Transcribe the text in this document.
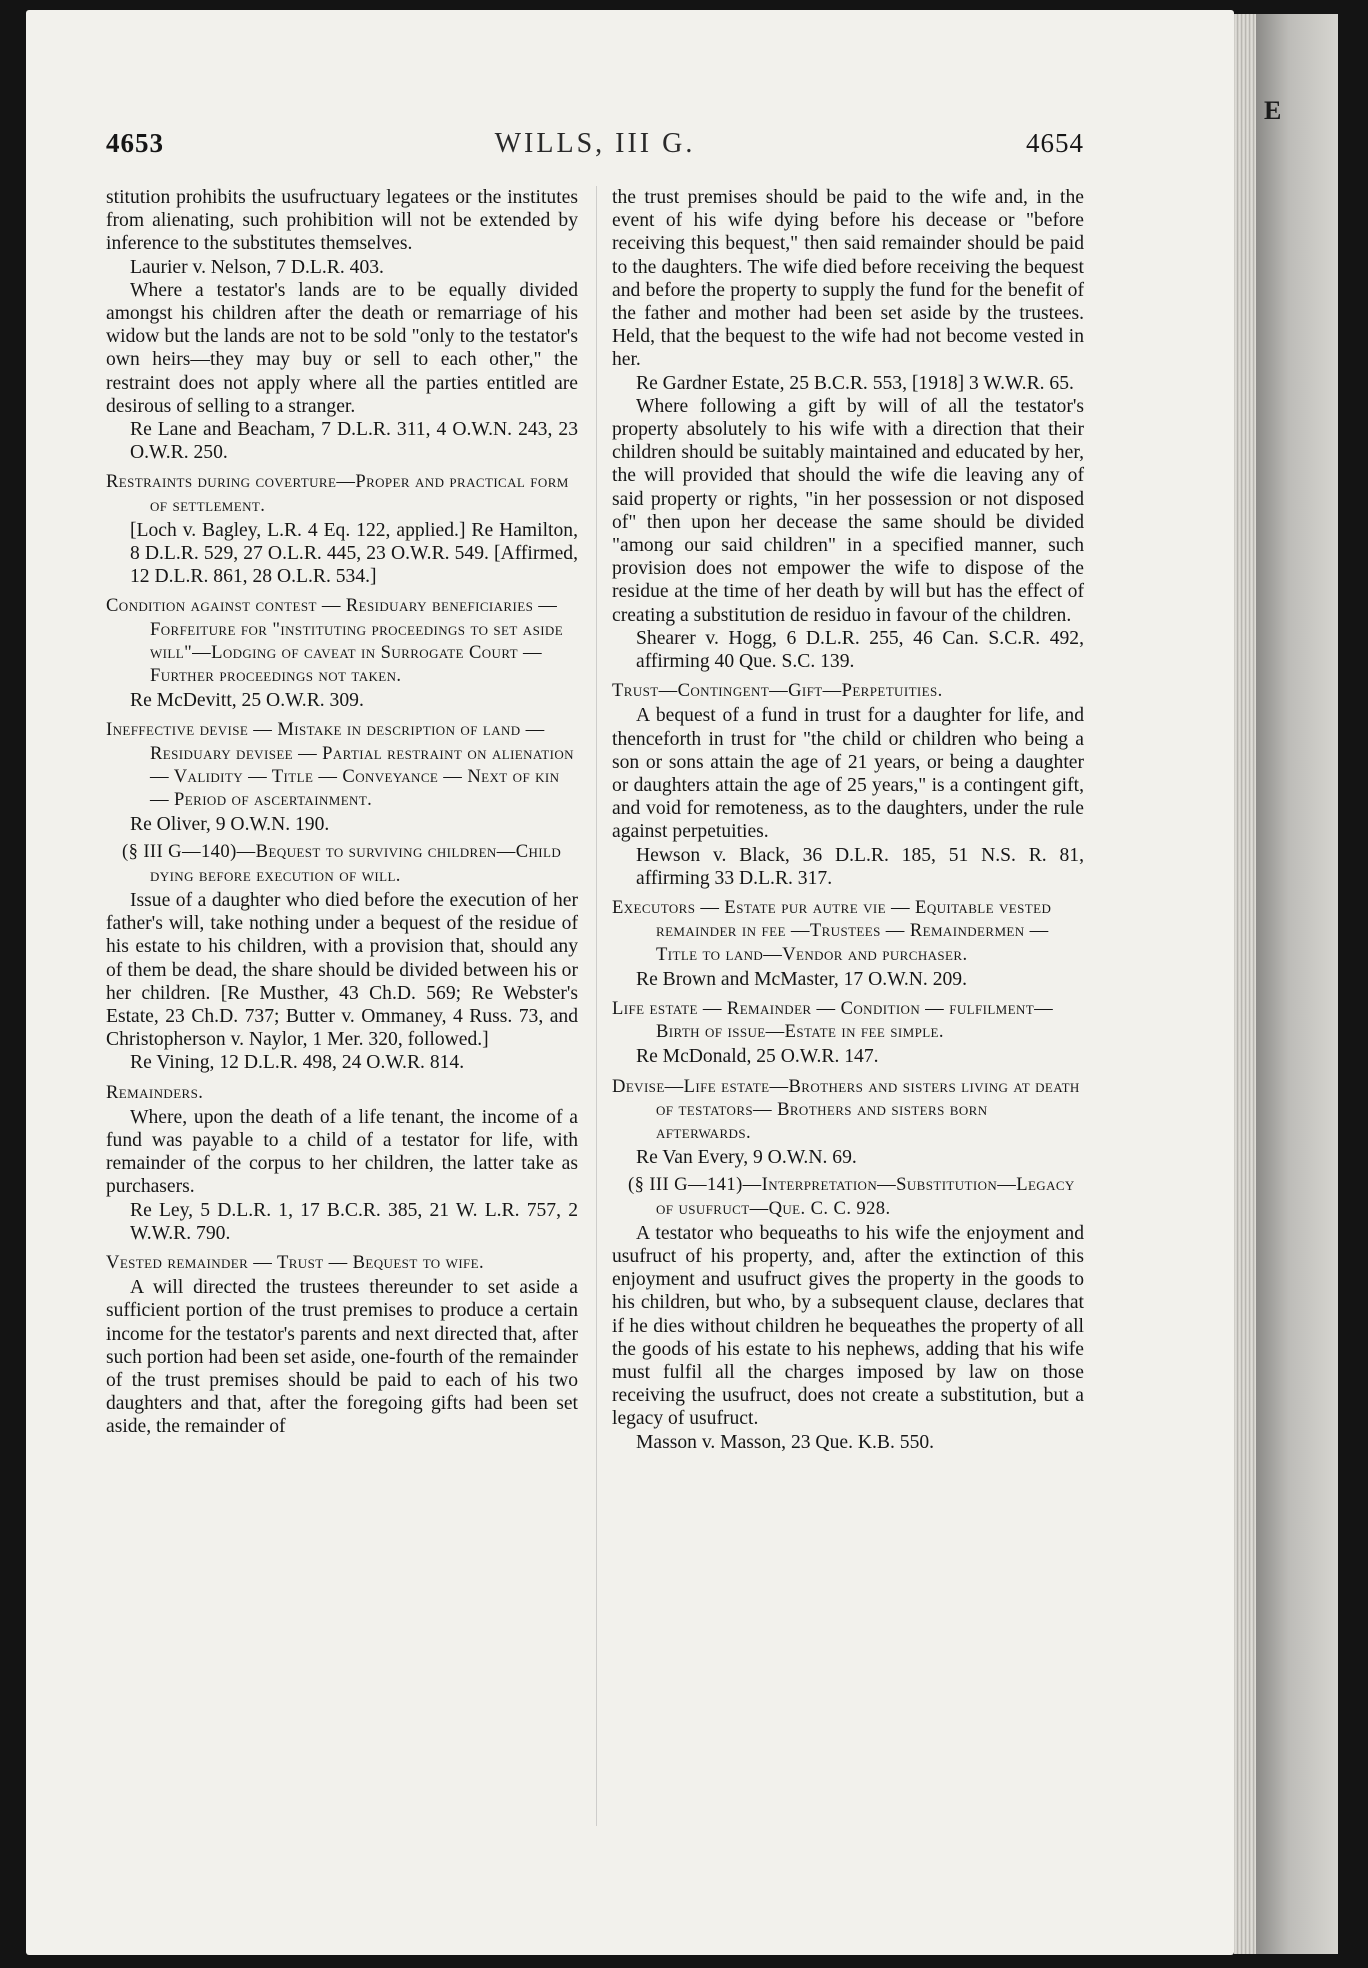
E
4653	WILLS, III G.	4654

stitution prohibits the usufructuary legatees or the institutes from alienating, such prohibition will not be extended by inference to the substitutes themselves.

Laurier v. Nelson, 7 D.L.R. 403.

Where a testator's lands are to be equally divided amongst his children after the death or remarriage of his widow but the lands are not to be sold "only to the testator's own heirs—they may buy or sell to each other," the restraint does not apply where all the parties entitled are desirous of selling to a stranger.

Re Lane and Beacham, 7 D.L.R. 311, 4 O.W.N. 243, 23 O.W.R. 250.

Restraints during coverture—Proper and practical form of settlement.

[Loch v. Bagley, L.R. 4 Eq. 122, applied.] Re Hamilton, 8 D.L.R. 529, 27 O.L.R. 445, 23 O.W.R. 549. [Affirmed, 12 D.L.R. 861, 28 O.L.R. 534.]

Condition against contest — Residuary beneficiaries — Forfeiture for "instituting proceedings to set aside will"—Lodging of caveat in Surrogate Court — Further proceedings not taken.

Re McDevitt, 25 O.W.R. 309.

Ineffective devise — Mistake in description of land — Residuary devisee — Partial restraint on alienation— Validity — Title — Conveyance — Next of kin — Period of ascertainment.

Re Oliver, 9 O.W.N. 190.

(§ III G—140)—Bequest to surviving children—Child dying before execution of will.

Issue of a daughter who died before the execution of her father's will, take nothing under a bequest of the residue of his estate to his children, with a provision that, should any of them be dead, the share should be divided between his or her children. [Re Musther, 43 Ch.D. 569; Re Webster's Estate, 23 Ch.D. 737; Butter v. Ommaney, 4 Russ. 73, and Christopherson v. Naylor, 1 Mer. 320, followed.]

Re Vining, 12 D.L.R. 498, 24 O.W.R. 814.

Remainders.

Where, upon the death of a life tenant, the income of a fund was payable to a child of a testator for life, with remainder of the corpus to her children, the latter take as purchasers.

Re Ley, 5 D.L.R. 1, 17 B.C.R. 385, 21 W. L.R. 757, 2 W.W.R. 790.

Vested remainder — Trust — Bequest to wife.

A will directed the trustees thereunder to set aside a sufficient portion of the trust premises to produce a certain income for the testator's parents and next directed that, after such portion had been set aside, one-fourth of the remainder of the trust premises should be paid to each of his two daughters and that, after the foregoing gifts had been set aside, the remainder of

the trust premises should be paid to the wife and, in the event of his wife dying before his decease or "before receiving this bequest," then said remainder should be paid to the daughters. The wife died before receiving the bequest and before the property to supply the fund for the benefit of the father and mother had been set aside by the trustees. Held, that the bequest to the wife had not become vested in her.

Re Gardner Estate, 25 B.C.R. 553, [1918] 3 W.W.R. 65.

Where following a gift by will of all the testator's property absolutely to his wife with a direction that their children should be suitably maintained and educated by her, the will provided that should the wife die leaving any of said property or rights, "in her possession or not disposed of" then upon her decease the same should be divided "among our said children" in a specified manner, such provision does not empower the wife to dispose of the residue at the time of her death by will but has the effect of creating a substitution de residuo in favour of the children.

Shearer v. Hogg, 6 D.L.R. 255, 46 Can. S.C.R. 492, affirming 40 Que. S.C. 139.

Trust—Contingent—Gift—Perpetuities.

A bequest of a fund in trust for a daughter for life, and thenceforth in trust for "the child or children who being a son or sons attain the age of 21 years, or being a daughter or daughters attain the age of 25 years," is a contingent gift, and void for remoteness, as to the daughters, under the rule against perpetuities.

Hewson v. Black, 36 D.L.R. 185, 51 N.S. R. 81, affirming 33 D.L.R. 317.

Executors — Estate pur autre vie — Equitable vested remainder in fee —Trustees — Remaindermen — Title to land—Vendor and purchaser.

Re Brown and McMaster, 17 O.W.N. 209.

Life estate — Remainder — Condition — fulfilment—Birth of issue—Estate in fee simple.

Re McDonald, 25 O.W.R. 147.

Devise—Life estate—Brothers and sisters living at death of testators— Brothers and sisters born afterwards.

Re Van Every, 9 O.W.N. 69.

(§ III G—141)—Interpretation—Substitution—Legacy of usufruct—Que. C. C. 928.

A testator who bequeaths to his wife the enjoyment and usufruct of his property, and, after the extinction of this enjoyment and usufruct gives the property in the goods to his children, but who, by a subsequent clause, declares that if he dies without children he bequeathes the property of all the goods of his estate to his nephews, adding that his wife must fulfil all the charges imposed by law on those receiving the usufruct, does not create a substitution, but a legacy of usufruct.

Masson v. Masson, 23 Que. K.B. 550.
